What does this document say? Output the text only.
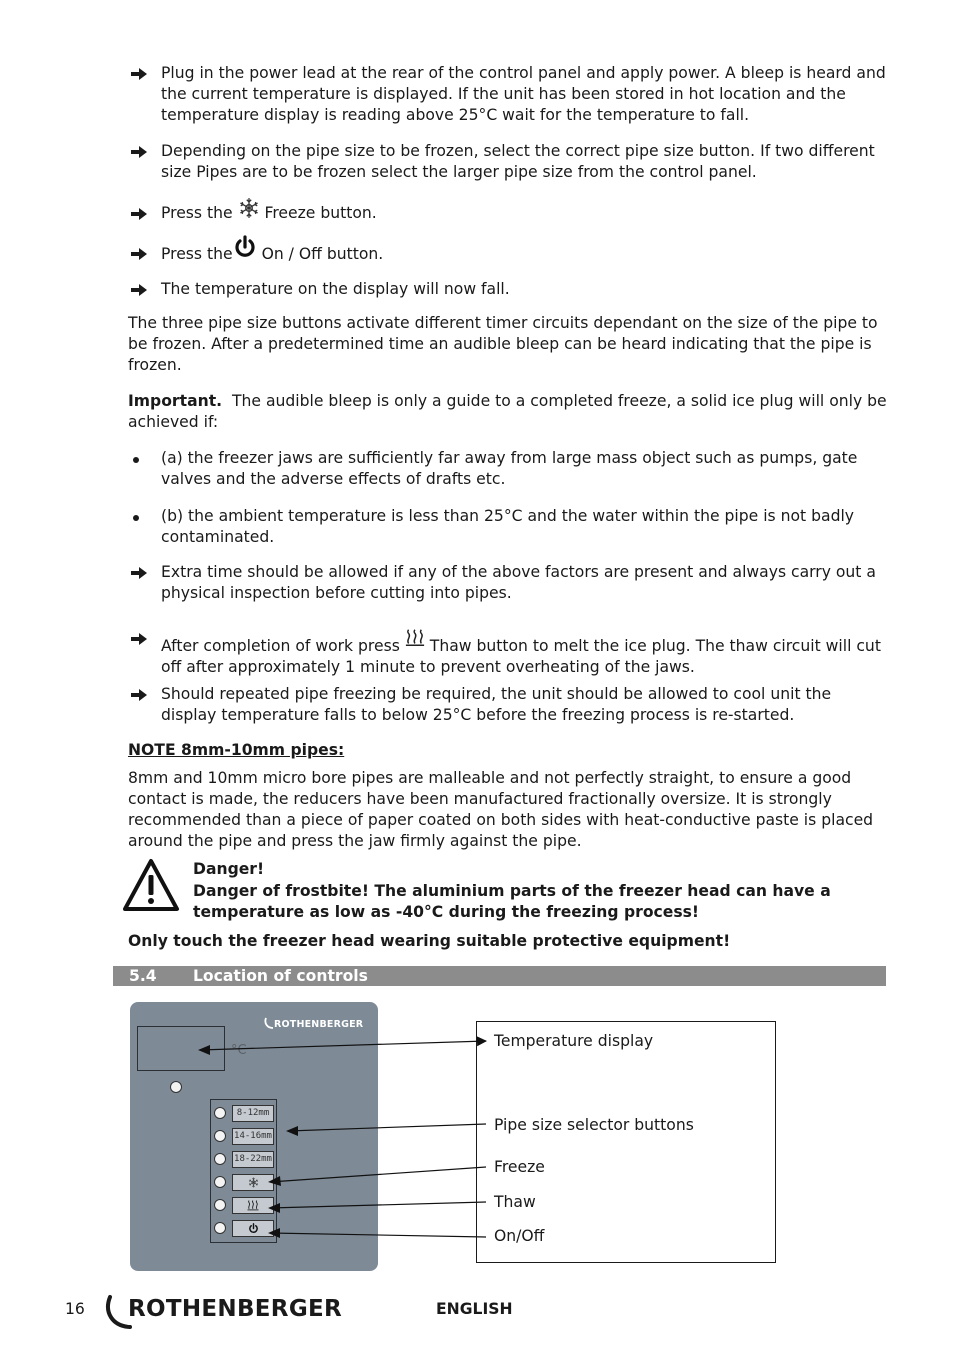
Plug in the power lead at the rear of the control panel and apply power. A bleep is heard and the current temperature is displayed. If the unit has been stored in hot location and the temperature display is reading above 25°C wait for the temperature to fall.
Depending on the pipe size to be frozen, select the correct pipe size button. If two different size Pipes are to be frozen select the larger pipe size from the control panel.
Press the Freeze button.
Press the On / Off button.
The temperature on the display will now fall.
The three pipe size buttons activate different timer circuits dependant on the size of the pipe to be frozen. After a predetermined time an audible bleep can be heard indicating that the pipe is frozen.
Important. The audible bleep is only a guide to a completed freeze, a solid ice plug will only be achieved if:
(a) the freezer jaws are sufficiently far away from large mass object such as pumps, gate valves and the adverse effects of drafts etc.
(b) the ambient temperature is less than 25°C and the water within the pipe is not badly contaminated.
Extra time should be allowed if any of the above factors are present and always carry out a physical inspection before cutting into pipes.
After completion of work press Thaw button to melt the ice plug. The thaw circuit will cut off after approximately 1 minute to prevent overheating of the jaws.
Should repeated pipe freezing be required, the unit should be allowed to cool unit the display temperature falls to below 25°C before the freezing process is re-started.
NOTE 8mm-10mm pipes:
8mm and 10mm micro bore pipes are malleable and not perfectly straight, to ensure a good contact is made, the reducers have been manufactured fractionally oversize. It is strongly recommended than a piece of paper coated on both sides with heat-conductive paste is placed around the pipe and press the jaw firmly against the pipe.
Danger!
Danger of frostbite! The aluminium parts of the freezer head can have a temperature as low as -40°C during the freezing process!
Only touch the freezer head wearing suitable protective equipment!
5.4 Location of controls
ROTHENBERGER
°C
8-12mm
14-16mm
18-22mm
Temperature display
Pipe size selector buttons
Freeze
Thaw
On/Off
16 ROTHENBERGER	ENGLISH
